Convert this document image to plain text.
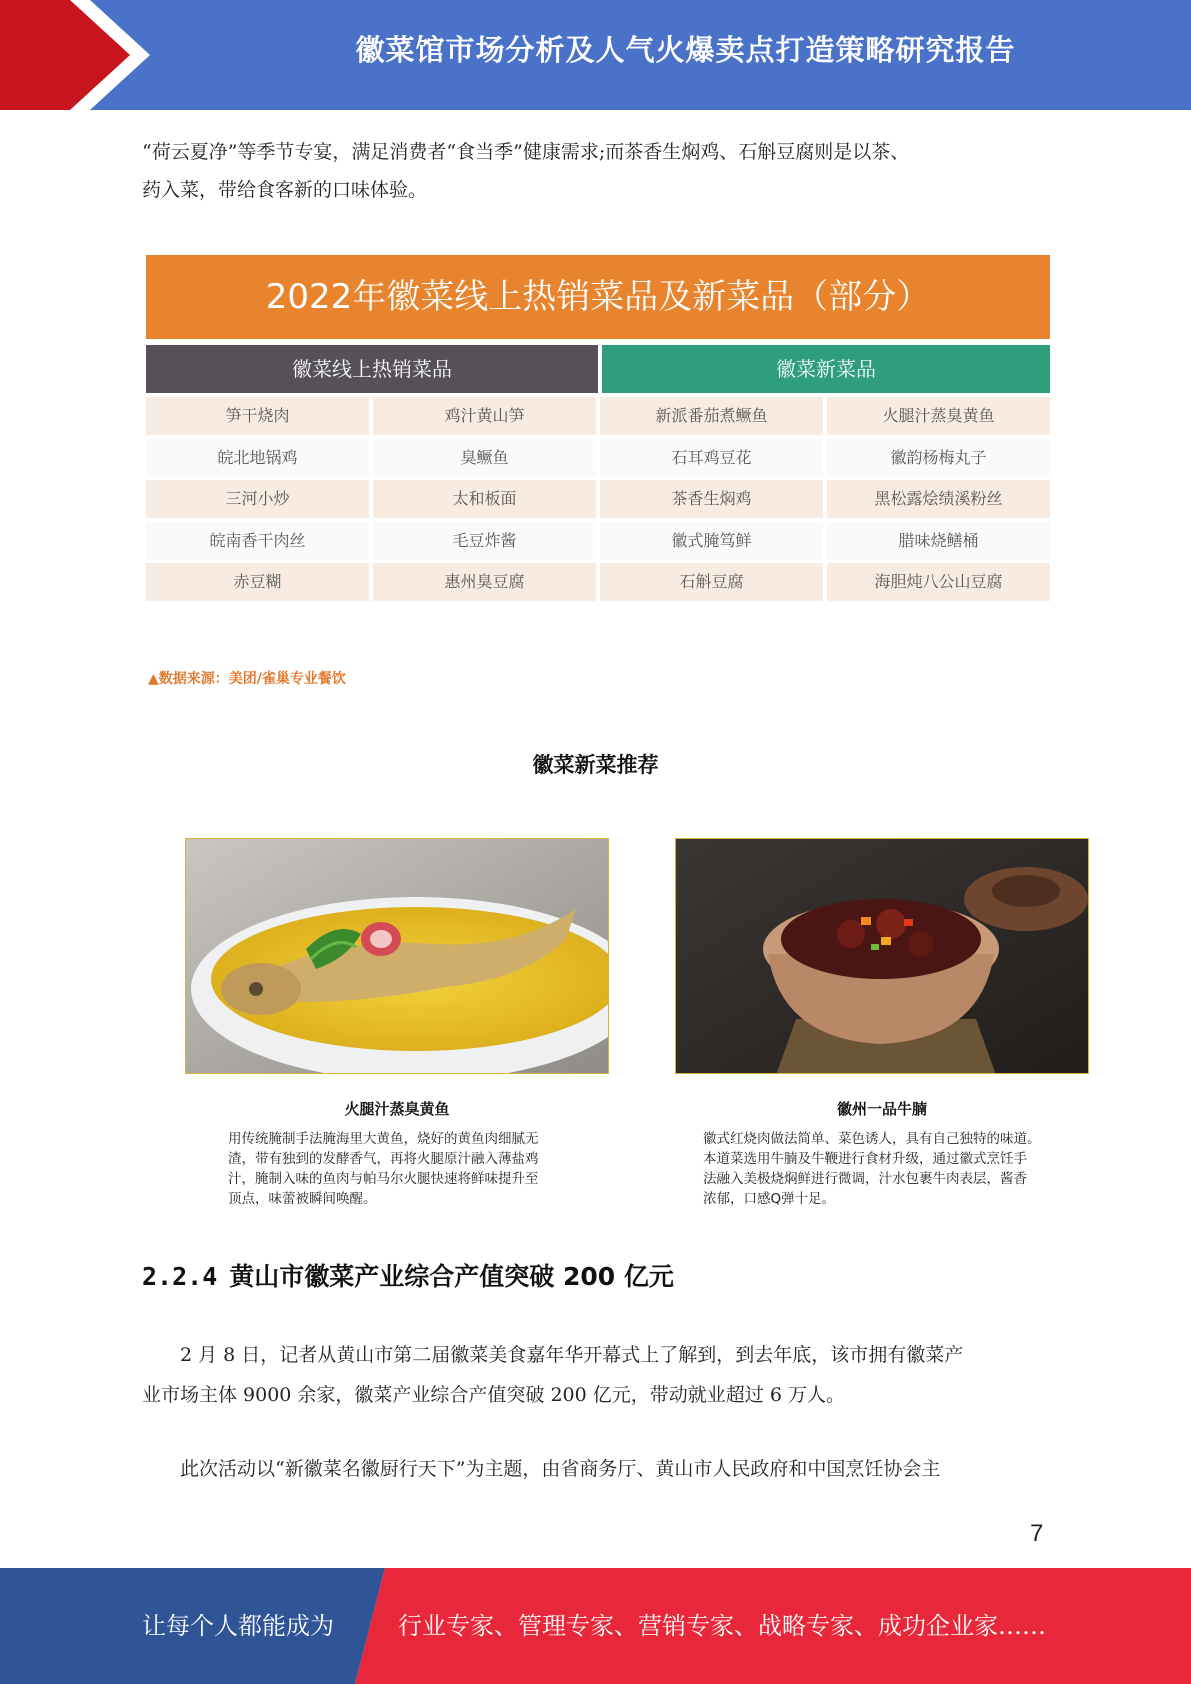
徽菜馆市场分析及人气火爆卖点打造策略研究报告
“荷云夏净”等季节专宴，满足消费者“食当季”健康需求;而茶香生焖鸡、石斛豆腐则是以茶、
药入菜，带给食客新的口味体验。
2022年徽菜线上热销菜品及新菜品（部分）
徽菜线上热销菜品	徽菜新菜品
笋干烧肉	鸡汁黄山笋	新派番茄煮鳜鱼	火腿汁蒸臭黄鱼
皖北地锅鸡	臭鳜鱼	石耳鸡豆花	徽韵杨梅丸子
三河小炒	太和板面	茶香生焖鸡	黑松露烩绩溪粉丝
皖南香干肉丝	毛豆炸酱	徽式腌笃鲜	腊味烧鳝桶
赤豆糊	惠州臭豆腐	石斛豆腐	海胆炖八公山豆腐
▲数据来源：美团/雀巢专业餐饮
徽菜新菜推荐
火腿汁蒸臭黄鱼
用传统腌制手法腌海里大黄鱼，烧好的黄鱼肉细腻无
渣，带有独到的发酵香气，再将火腿原汁融入薄盐鸡
汁，腌制入味的鱼肉与帕马尔火腿快速将鲜味提升至
顶点，味蕾被瞬间唤醒。
徽州一品牛腩
徽式红烧肉做法简单、菜色诱人，具有自己独特的味道。
本道菜选用牛腩及牛鞭进行食材升级，通过徽式烹饪手
法融入美极烧焖鲜进行微调，汁水包裹牛肉表层，酱香
浓郁，口感Q弹十足。
2.2.4 黄山市徽菜产业综合产值突破 200 亿元
2 月 8 日，记者从黄山市第二届徽菜美食嘉年华开幕式上了解到，到去年底，该市拥有徽菜产
业市场主体 9000 余家，徽菜产业综合产值突破 200 亿元，带动就业超过 6 万人。
此次活动以“新徽菜名徽厨行天下”为主题，由省商务厅、黄山市人民政府和中国烹饪协会主
7
让每个人都能成为	行业专家、管理专家、营销专家、战略专家、成功企业家……
